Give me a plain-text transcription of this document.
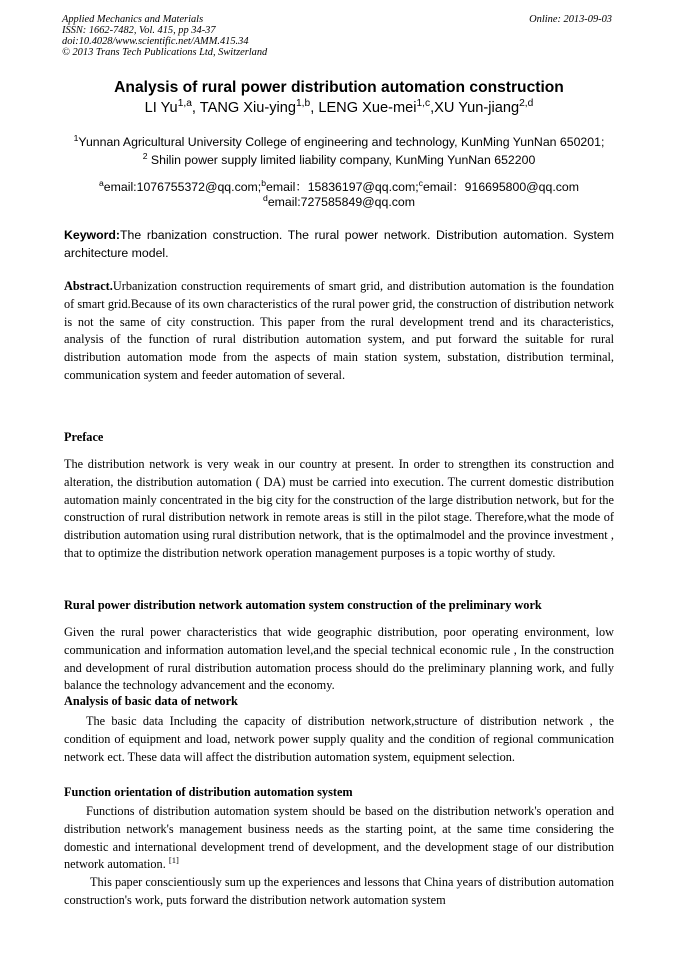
Applied Mechanics and Materials
ISSN: 1662-7482, Vol. 415, pp 34-37
doi:10.4028/www.scientific.net/AMM.415.34
© 2013 Trans Tech Publications Ltd, Switzerland
Online: 2013-09-03
Analysis of rural power distribution automation construction
LI Yu$^{1,a}$, TANG Xiu-ying$^{1,b}$, LENG Xue-mei$^{1,c}$,XU Yun-jiang$^{2,d}$
$^1$Yunnan Agricultural University College of engineering and technology, KunMing YunNan 650201;
$^2$ Shilin power supply limited liability company, KunMing YunNan 652200
$^a$email:1076755372@qq.com;$^b$email：15836197@qq.com;$^c$email：916695800@qq.com
$^d$email:727585849@qq.com
Keyword:The rbanization construction. The rural power network. Distribution automation. System architecture model.
Abstract.Urbanization construction requirements of smart grid, and distribution automation is the foundation of smart grid.Because of its own characteristics of the rural power grid, the construction of distribution network is not the same of city construction. This paper from the rural development trend and its characteristics, analysis of the function of rural distribution automation system, and put forward the suitable for rural distribution automation mode from the aspects of main station system, substation, distribution terminal, communication system and feeder automation of several.
Preface
The distribution network is very weak in our country at present. In order to strengthen its construction and alteration, the distribution automation ( DA) must be carried into execution. The current domestic distribution automation mainly concentrated in the big city for the construction of the large distribution network, but for the construction of rural distribution network in remote areas is still in the pilot stage. Therefore,what the mode of distribution automation using rural distribution network, that is the optimalmodel and the province investment , that to optimize the distribution network operation management purposes is a topic worthy of study.
Rural power distribution network automation system construction of the preliminary work
Given the rural power characteristics that wide geographic distribution, poor operating environment, low communication and information automation level,and the special technical economic rule , In the construction and development of rural distribution automation process should do the preliminary planning work, and fully balance the technology advancement and the economy.
Analysis of basic data of network
The basic data Including the capacity of distribution network,structure of distribution network , the condition of equipment and load, network power supply quality and the condition of regional communication network ect. These data will affect the distribution automation system, equipment selection.
Function orientation of distribution automation system
Functions of distribution automation system should be based on the distribution network's operation and distribution network's management business needs as the starting point, at the same time considering the domestic and international development trend of development, and the development stage of our distribution network automation. [1]
This paper conscientiously sum up the experiences and lessons that China years of distribution automation construction's work, puts forward the distribution network automation system
